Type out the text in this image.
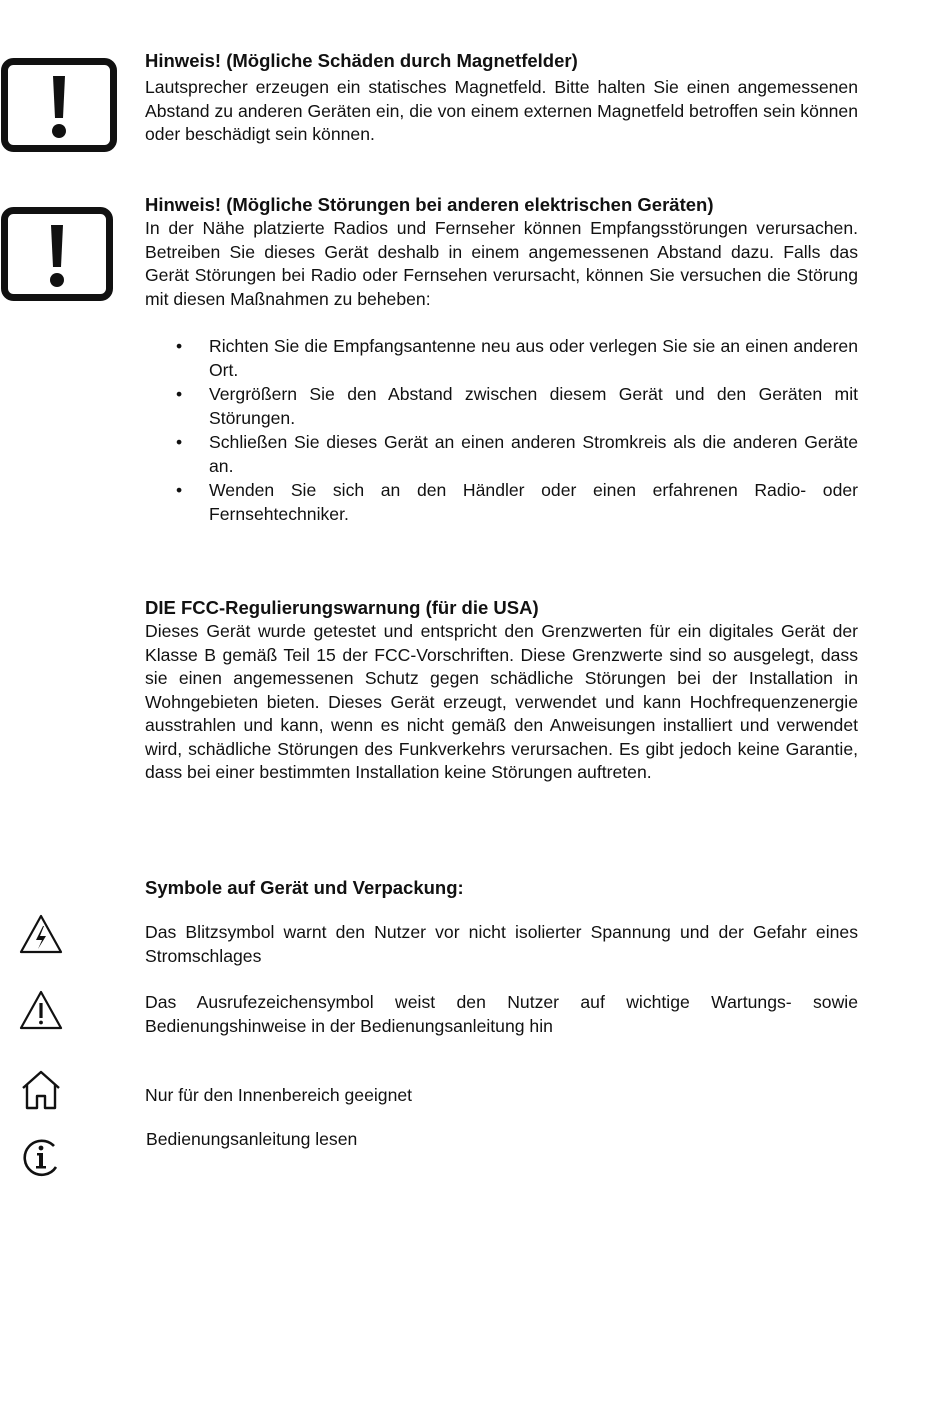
Hinweis! (Mögliche Schäden durch Magnetfelder)

Lautsprecher erzeugen ein statisches Magnetfeld. Bitte halten Sie einen angemessenen Abstand zu anderen Geräten ein, die von einem externen Magnetfeld betroffen sein können oder beschädigt sein können.

Hinweis! (Mögliche Störungen bei anderen elektrischen Geräten)

In der Nähe platzierte Radios und Fernseher können Empfangsstörungen verursachen. Betreiben Sie dieses Gerät deshalb in einem angemessenen Abstand dazu. Falls das Gerät Störungen bei Radio oder Fernsehen verursacht, können Sie versuchen die Störung mit diesen Maßnahmen zu beheben:

• Richten Sie die Empfangsantenne neu aus oder verlegen Sie sie an einen anderen Ort.
• Vergrößern Sie den Abstand zwischen diesem Gerät und den Geräten mit Störungen.
• Schließen Sie dieses Gerät an einen anderen Stromkreis als die anderen Geräte an.
• Wenden Sie sich an den Händler oder einen erfahrenen Radio- oder Fernsehtechniker.
DIE FCC-Regulierungswarnung (für die USA)

Dieses Gerät wurde getestet und entspricht den Grenzwerten für ein digitales Gerät der Klasse B gemäß Teil 15 der FCC-Vorschriften. Diese Grenzwerte sind so ausgelegt, dass sie einen angemessenen Schutz gegen schädliche Störungen bei der Installation in Wohngebieten bieten. Dieses Gerät erzeugt, verwendet und kann Hochfrequenzenergie ausstrahlen und kann, wenn es nicht gemäß den Anweisungen installiert und verwendet wird, schädliche Störungen des Funkverkehrs verursachen. Es gibt jedoch keine Garantie, dass bei einer bestimmten Installation keine Störungen auftreten.

Symbole auf Gerät und Verpackung:

Das Blitzsymbol warnt den Nutzer vor nicht isolierter Spannung und der Gefahr eines Stromschlages

Das Ausrufezeichensymbol weist den Nutzer auf wichtige Wartungs- sowie Bedienungshinweise in der Bedienungsanleitung hin

Nur für den Innenbereich geeignet

Bedienungsanleitung lesen
